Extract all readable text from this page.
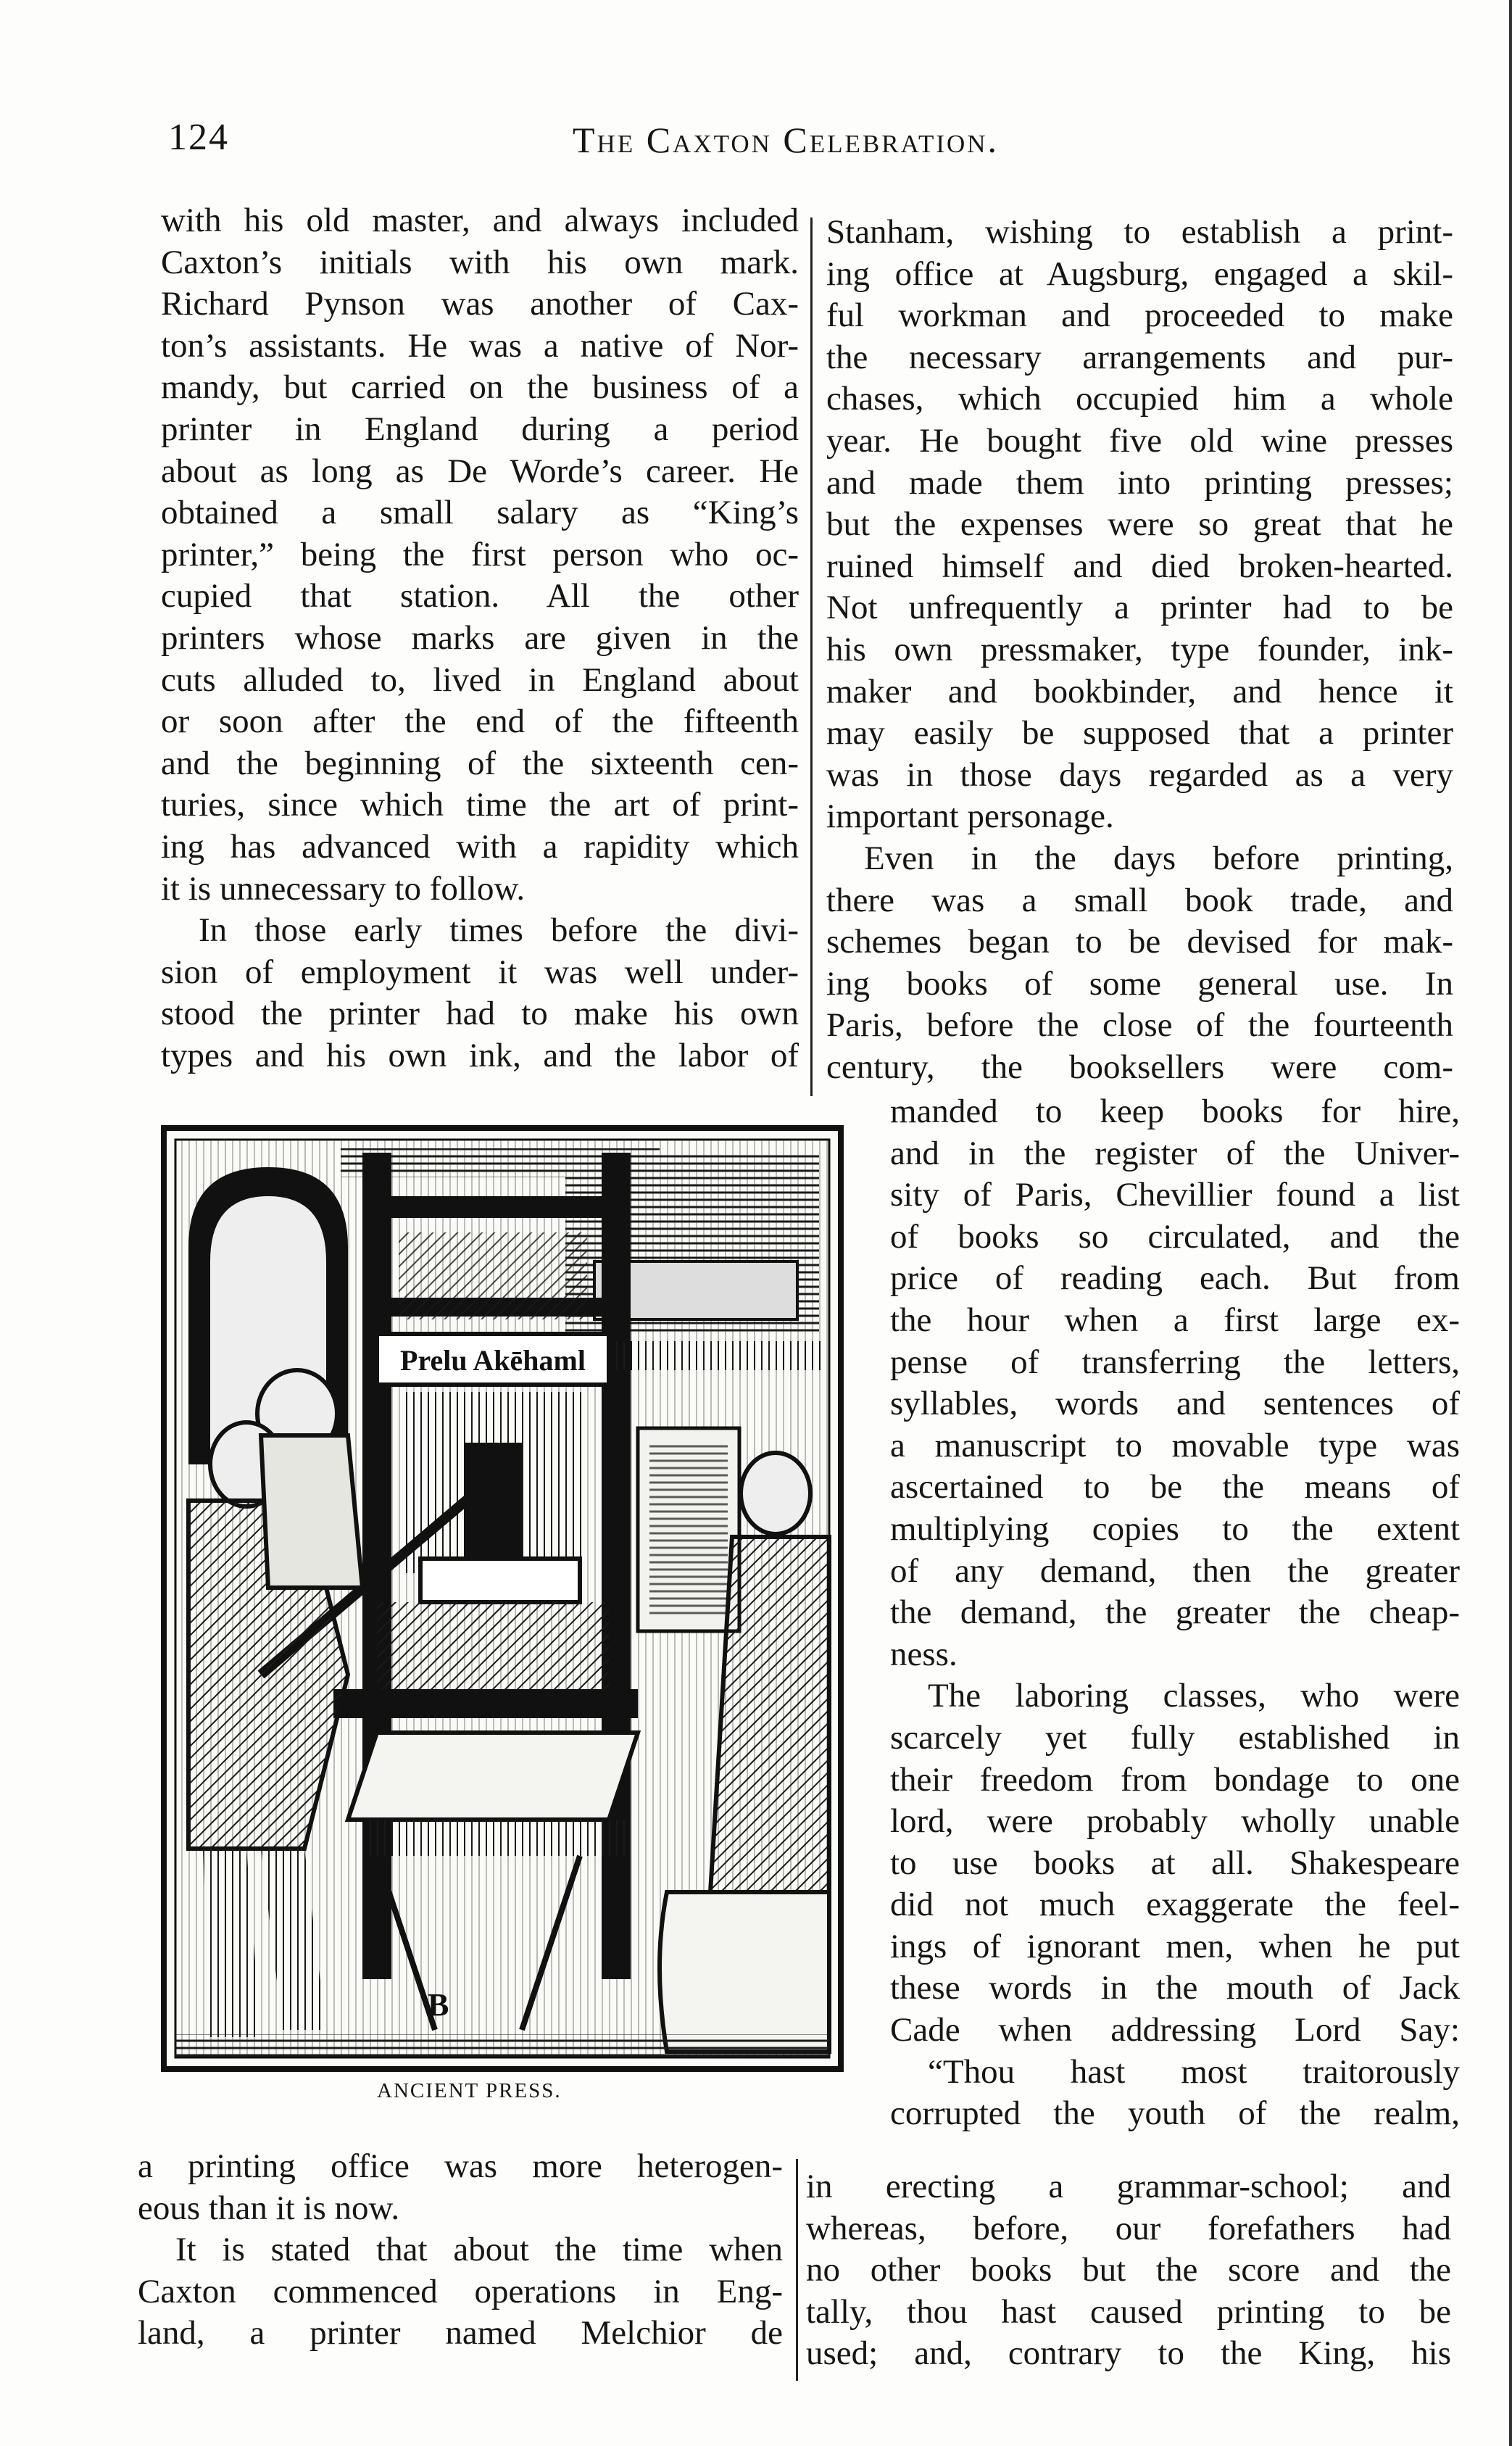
124	The Caxton Celebration.
with his old master, and always included
Caxton’s initials with his own mark.
Richard Pynson was another of Cax-
ton’s assistants. He was a native of Nor-
mandy, but carried on the business of a
printer in England during a period
about as long as De Worde’s career. He
obtained a small salary as “King’s
printer,” being the first person who oc-
cupied that station. All the other
printers whose marks are given in the
cuts alluded to, lived in England about
or soon after the end of the fifteenth
and the beginning of the sixteenth cen-
turies, since which time the art of print-
ing has advanced with a rapidity which
it is unnecessary to follow.
In those early times before the divi-
sion of employment it was well under-
stood the printer had to make his own
types and his own ink, and the labor of
Stanham, wishing to establish a print-
ing office at Augsburg, engaged a skil-
ful workman and proceeded to make
the necessary arrangements and pur-
chases, which occupied him a whole
year. He bought five old wine presses
and made them into printing presses;
but the expenses were so great that he
ruined himself and died broken-hearted.
Not unfrequently a printer had to be
his own pressmaker, type founder, ink-
maker and bookbinder, and hence it
may easily be supposed that a printer
was in those days regarded as a very
important personage.
Even in the days before printing,
there was a small book trade, and
schemes began to be devised for mak-
ing books of some general use. In
Paris, before the close of the fourteenth
century, the booksellers were com-
manded to keep books for hire,
and in the register of the Univer-
sity of Paris, Chevillier found a list
of books so circulated, and the
price of reading each. But from
the hour when a first large ex-
pense of transferring the letters,
syllables, words and sentences of
a manuscript to movable type was
ascertained to be the means of
multiplying copies to the extent
of any demand, then the greater
the demand, the greater the cheap-
ness.
The laboring classes, who were
scarcely yet fully established in
their freedom from bondage to one
lord, were probably wholly unable
to use books at all. Shakespeare
did not much exaggerate the feel-
ings of ignorant men, when he put
these words in the mouth of Jack
Cade when addressing Lord Say:
“Thou hast most traitorously
corrupted the youth of the realm,
Prelu Akēhaml
B
ANCIENT PRESS.
a printing office was more heterogen-
eous than it is now.
It is stated that about the time when
Caxton commenced operations in Eng-
land, a printer named Melchior de
in erecting a grammar-school; and
whereas, before, our forefathers had
no other books but the score and the
tally, thou hast caused printing to be
used; and, contrary to the King, his
